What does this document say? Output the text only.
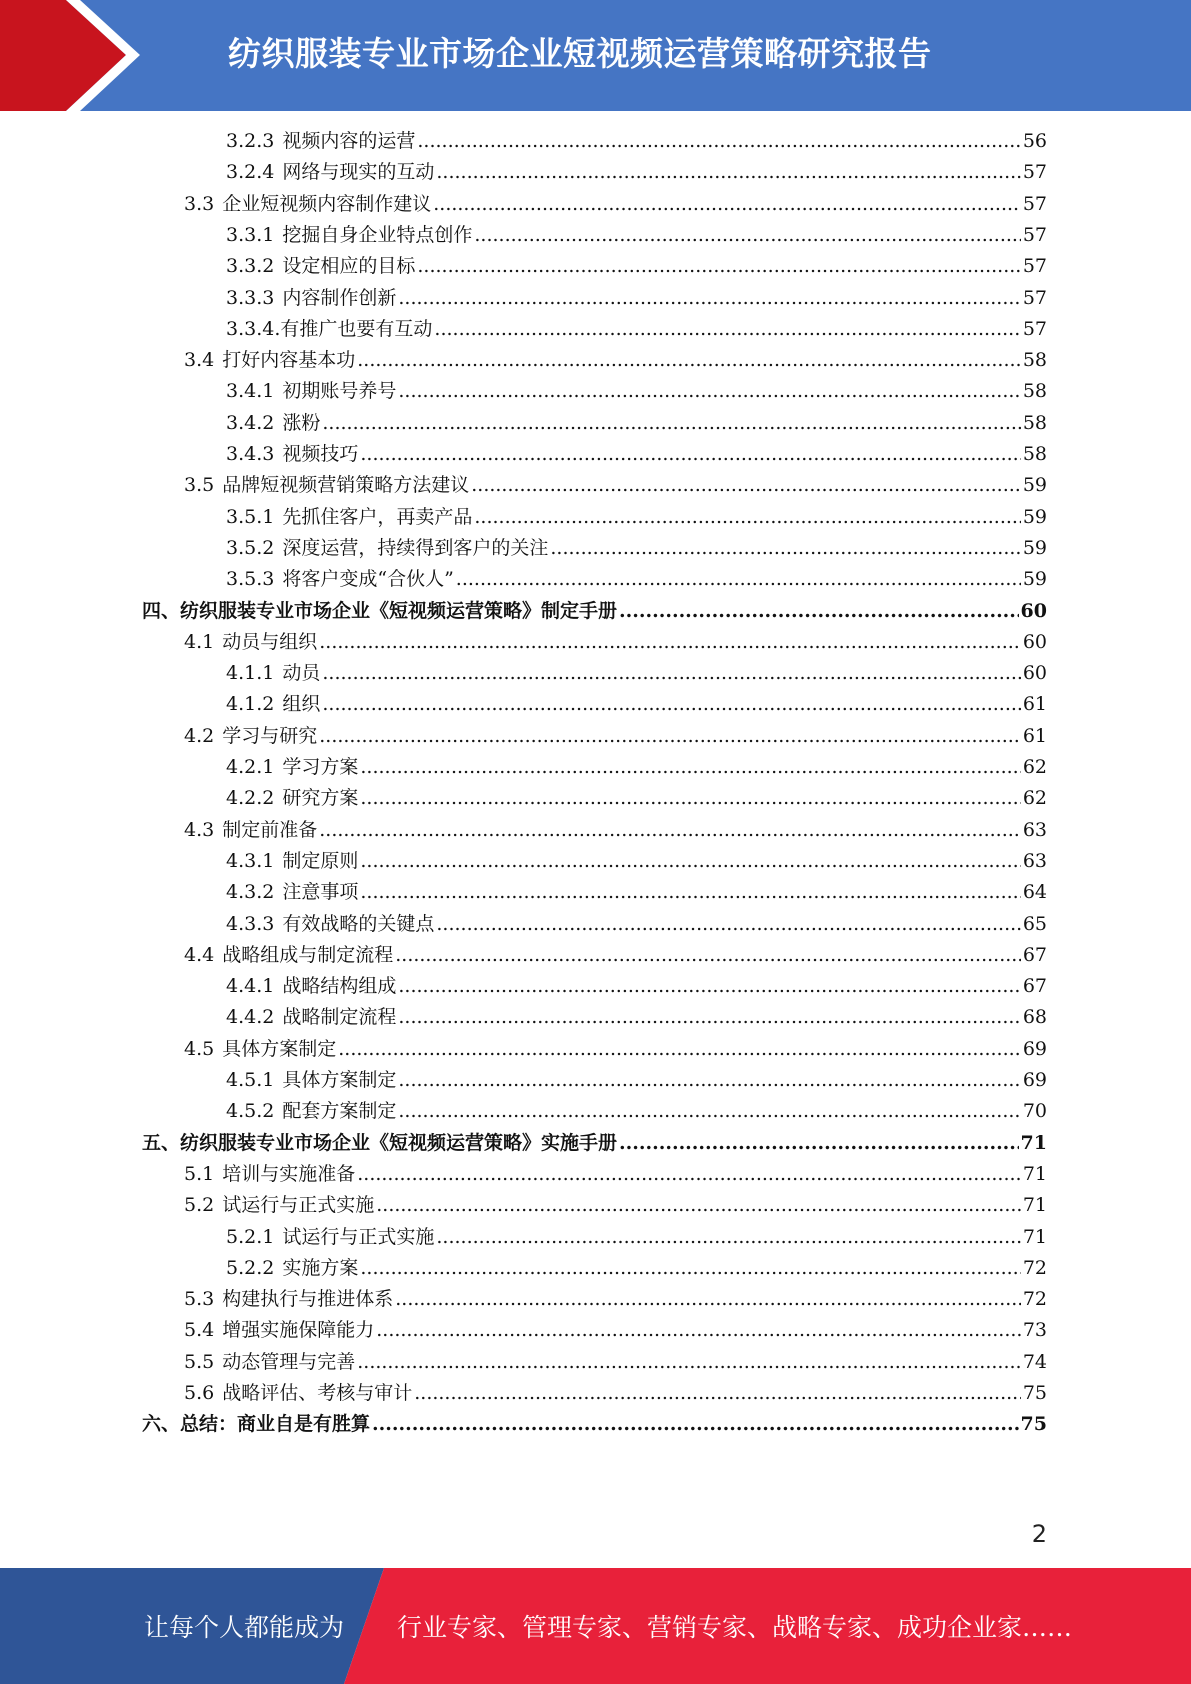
纺织服装专业市场企业短视频运营策略研究报告
3.2.3 视频内容的运营 .....	56
3.2.4 网络与现实的互动 .....	57
3.3 企业短视频内容制作建议 .....	57
3.3.1 挖掘自身企业特点创作 .....	57
3.3.2 设定相应的目标 .....	57
3.3.3 内容制作创新 .....	57
3.3.4. 有推广也要有互动 .....	57
3.4 打好内容基本功 .....	58
3.4.1 初期账号养号 .....	58
3.4.2 涨粉 .....	58
3.4.3 视频技巧 .....	58
3.5 品牌短视频营销策略方法建议 .....	59
3.5.1 先抓住客户，再卖产品 .....	59
3.5.2 深度运营，持续得到客户的关注 .....	59
3.5.3 将客户变成“合伙人” .....	59
四、 纺织服装专业市场企业《短视频运营策略》制定手册 .....	60
4.1 动员与组织 .....	60
4.1.1 动员 .....	60
4.1.2 组织 .....	61
4.2 学习与研究 .....	61
4.2.1 学习方案 .....	62
4.2.2 研究方案 .....	62
4.3 制定前准备 .....	63
4.3.1 制定原则 .....	63
4.3.2 注意事项 .....	64
4.3.3 有效战略的关键点 .....	65
4.4 战略组成与制定流程 .....	67
4.4.1 战略结构组成 .....	67
4.4.2 战略制定流程 .....	68
4.5 具体方案制定 .....	69
4.5.1 具体方案制定 .....	69
4.5.2 配套方案制定 .....	70
五、 纺织服装专业市场企业《短视频运营策略》实施手册 .....	71
5.1 培训与实施准备 .....	71
5.2 试运行与正式实施 .....	71
5.2.1 试运行与正式实施 .....	71
5.2.2 实施方案 .....	72
5.3 构建执行与推进体系 .....	72
5.4 增强实施保障能力 .....	73
5.5 动态管理与完善 .....	74
5.6 战略评估、考核与审计 .....	75
六、 总结：商业自是有胜算 .....	75
2
让每个人都能成为 行业专家、管理专家、营销专家、战略专家、成功企业家……
